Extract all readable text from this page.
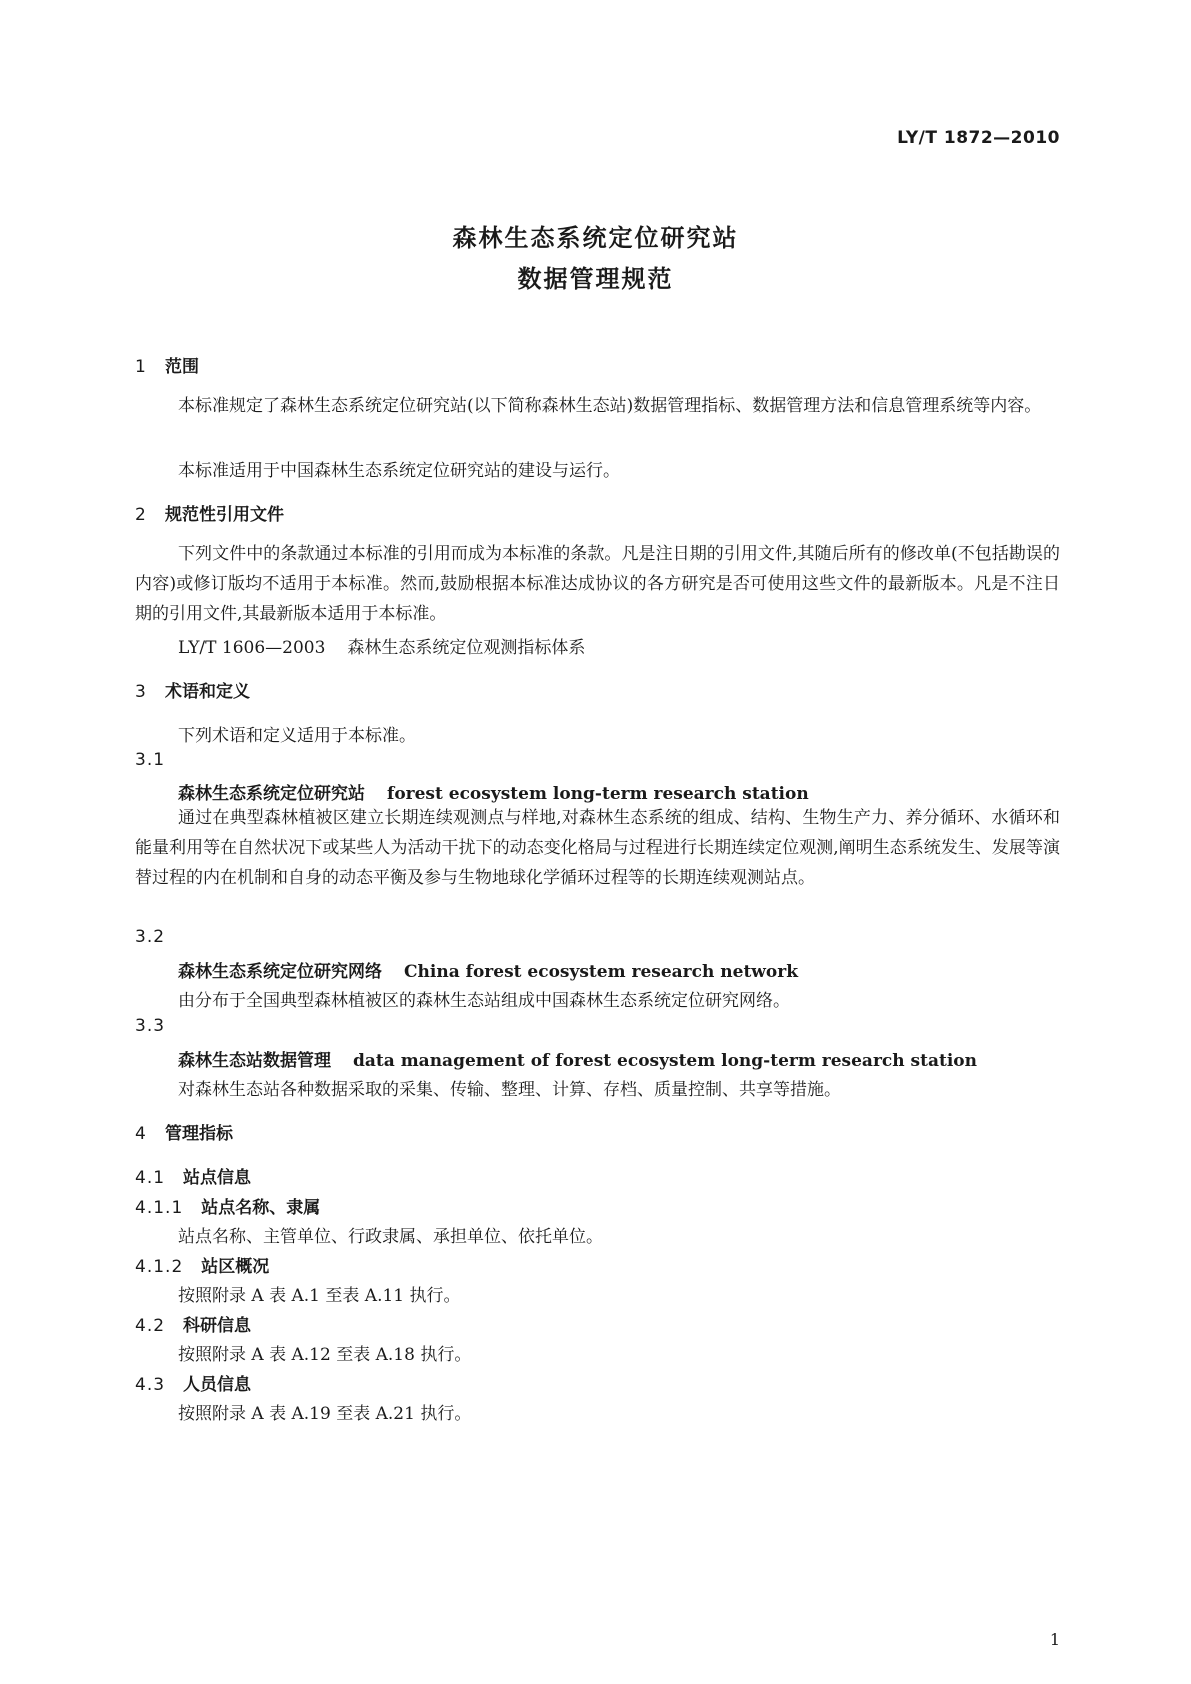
LY/T 1872—2010
森林生态系统定位研究站
数据管理规范
1 范围
本标准规定了森林生态系统定位研究站(以下简称森林生态站)数据管理指标、数据管理方法和信息管理系统等内容。
本标准适用于中国森林生态系统定位研究站的建设与运行。
2 规范性引用文件
下列文件中的条款通过本标准的引用而成为本标准的条款。凡是注日期的引用文件,其随后所有的修改单(不包括勘误的内容)或修订版均不适用于本标准。然而,鼓励根据本标准达成协议的各方研究是否可使用这些文件的最新版本。凡是不注日期的引用文件,其最新版本适用于本标准。
LY/T 1606—2003 森林生态系统定位观测指标体系
3 术语和定义
下列术语和定义适用于本标准。
3.1
森林生态系统定位研究站 forest ecosystem long-term research station
通过在典型森林植被区建立长期连续观测点与样地,对森林生态系统的组成、结构、生物生产力、养分循环、水循环和能量利用等在自然状况下或某些人为活动干扰下的动态变化格局与过程进行长期连续定位观测,阐明生态系统发生、发展等演替过程的内在机制和自身的动态平衡及参与生物地球化学循环过程等的长期连续观测站点。
3.2
森林生态系统定位研究网络 China forest ecosystem research network
由分布于全国典型森林植被区的森林生态站组成中国森林生态系统定位研究网络。
3.3
森林生态站数据管理 data management of forest ecosystem long-term research station
对森林生态站各种数据采取的采集、传输、整理、计算、存档、质量控制、共享等措施。
4 管理指标
4.1 站点信息
4.1.1 站点名称、隶属
站点名称、主管单位、行政隶属、承担单位、依托单位。
4.1.2 站区概况
按照附录 A 表 A.1 至表 A.11 执行。
4.2 科研信息
按照附录 A 表 A.12 至表 A.18 执行。
4.3 人员信息
按照附录 A 表 A.19 至表 A.21 执行。
1
